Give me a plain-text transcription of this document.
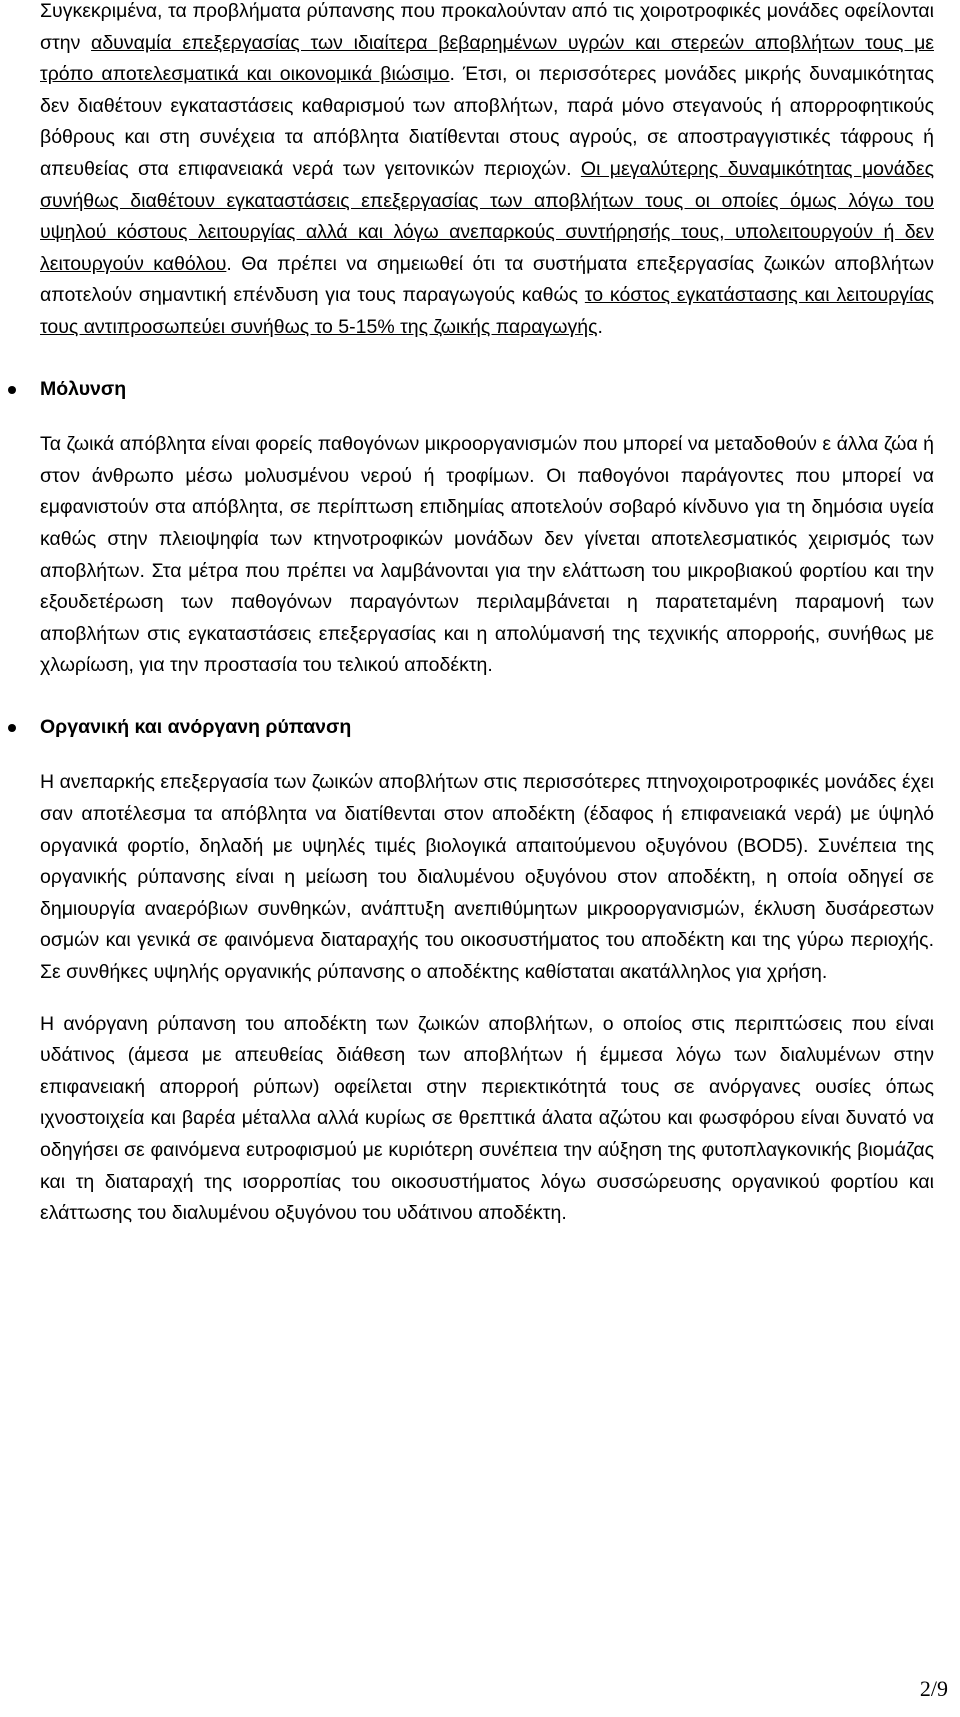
Συγκεκριμένα, τα προβλήματα ρύπανσης που προκαλούνταν από τις χοιροτροφικές μονάδες οφείλονται στην αδυναμία επεξεργασίας των ιδιαίτερα βεβαρημένων υγρών και στερεών αποβλήτων τους με τρόπο αποτελεσματικά και οικονομικά βιώσιμο. Έτσι, οι περισσότερες μονάδες μικρής δυναμικότητας δεν διαθέτουν εγκαταστάσεις καθαρισμού των αποβλήτων, παρά μόνο στεγανούς ή απορροφητικούς βόθρους και στη συνέχεια τα απόβλητα διατίθενται στους αγρούς, σε αποστραγγιστικές τάφρους ή απευθείας στα επιφανειακά νερά των γειτονικών περιοχών. Οι μεγαλύτερης δυναμικότητας μονάδες συνήθως διαθέτουν εγκαταστάσεις επεξεργασίας των αποβλήτων τους οι οποίες όμως λόγω του υψηλού κόστους λειτουργίας αλλά και λόγω ανεπαρκούς συντήρησής τους, υπολειτουργούν ή δεν λειτουργούν καθόλου. Θα πρέπει να σημειωθεί ότι τα συστήματα επεξεργασίας ζωικών αποβλήτων αποτελούν σημαντική επένδυση για τους παραγωγούς καθώς το κόστος εγκατάστασης και λειτουργίας τους αντιπροσωπεύει συνήθως το 5-15% της ζωικής παραγωγής.

Μόλυνση

Τα ζωικά απόβλητα είναι φορείς παθογόνων μικροοργανισμών που μπορεί να μεταδοθούν ε άλλα ζώα ή στον άνθρωπο μέσω μολυσμένου νερού ή τροφίμων. Οι παθογόνοι παράγοντες που μπορεί να εμφανιστούν στα απόβλητα, σε περίπτωση επιδημίας αποτελούν σοβαρό κίνδυνο για τη δημόσια υγεία καθώς στην πλειοψηφία των κτηνοτροφικών μονάδων δεν γίνεται αποτελεσματικός χειρισμός των αποβλήτων. Στα μέτρα που πρέπει να λαμβάνονται για την ελάττωση του μικροβιακού φορτίου και την εξουδετέρωση των παθογόνων παραγόντων περιλαμβάνεται η παρατεταμένη παραμονή των αποβλήτων στις εγκαταστάσεις επεξεργασίας και η απολύμανσή της τεχνικής απορροής, συνήθως με χλωρίωση, για την προστασία του τελικού αποδέκτη.

Οργανική και ανόργανη ρύπανση

Η ανεπαρκής επεξεργασία των ζωικών αποβλήτων στις περισσότερες πτηνοχοιροτροφικές μονάδες έχει σαν αποτέλεσμα τα απόβλητα να διατίθενται στον αποδέκτη (έδαφος ή επιφανειακά νερά) με ύψηλό οργανικά φορτίο, δηλαδή με υψηλές τιμές βιολογικά απαιτούμενου οξυγόνου (BOD5). Συνέπεια της οργανικής ρύπανσης είναι η μείωση του διαλυμένου οξυγόνου στον αποδέκτη, η οποία οδηγεί σε δημιουργία αναερόβιων συνθηκών, ανάπτυξη ανεπιθύμητων μικροοργανισμών, έκλυση δυσάρεστων οσμών και γενικά σε φαινόμενα διαταραχής του οικοσυστήματος του αποδέκτη και της γύρω περιοχής. Σε συνθήκες υψηλής οργανικής ρύπανσης ο αποδέκτης καθίσταται ακατάλληλος για χρήση.

Η ανόργανη ρύπανση του αποδέκτη των ζωικών αποβλήτων, ο οποίος στις περιπτώσεις που είναι υδάτινος (άμεσα με απευθείας διάθεση των αποβλήτων ή έμμεσα λόγω των διαλυμένων στην επιφανειακή απορροή ρύπων) οφείλεται στην περιεκτικότητά τους σε ανόργανες ουσίες όπως ιχνοστοιχεία και βαρέα μέταλλα αλλά κυρίως σε θρεπτικά άλατα αζώτου και φωσφόρου είναι δυνατό να οδηγήσει σε φαινόμενα ευτροφισμού με κυριότερη συνέπεια την αύξηση της φυτοπλαγκονικής βιομάζας και τη διαταραχή της ισορροπίας του οικοσυστήματος λόγω συσσώρευσης οργανικού φορτίου και ελάττωσης του διαλυμένου οξυγόνου του υδάτινου αποδέκτη.

2/9
